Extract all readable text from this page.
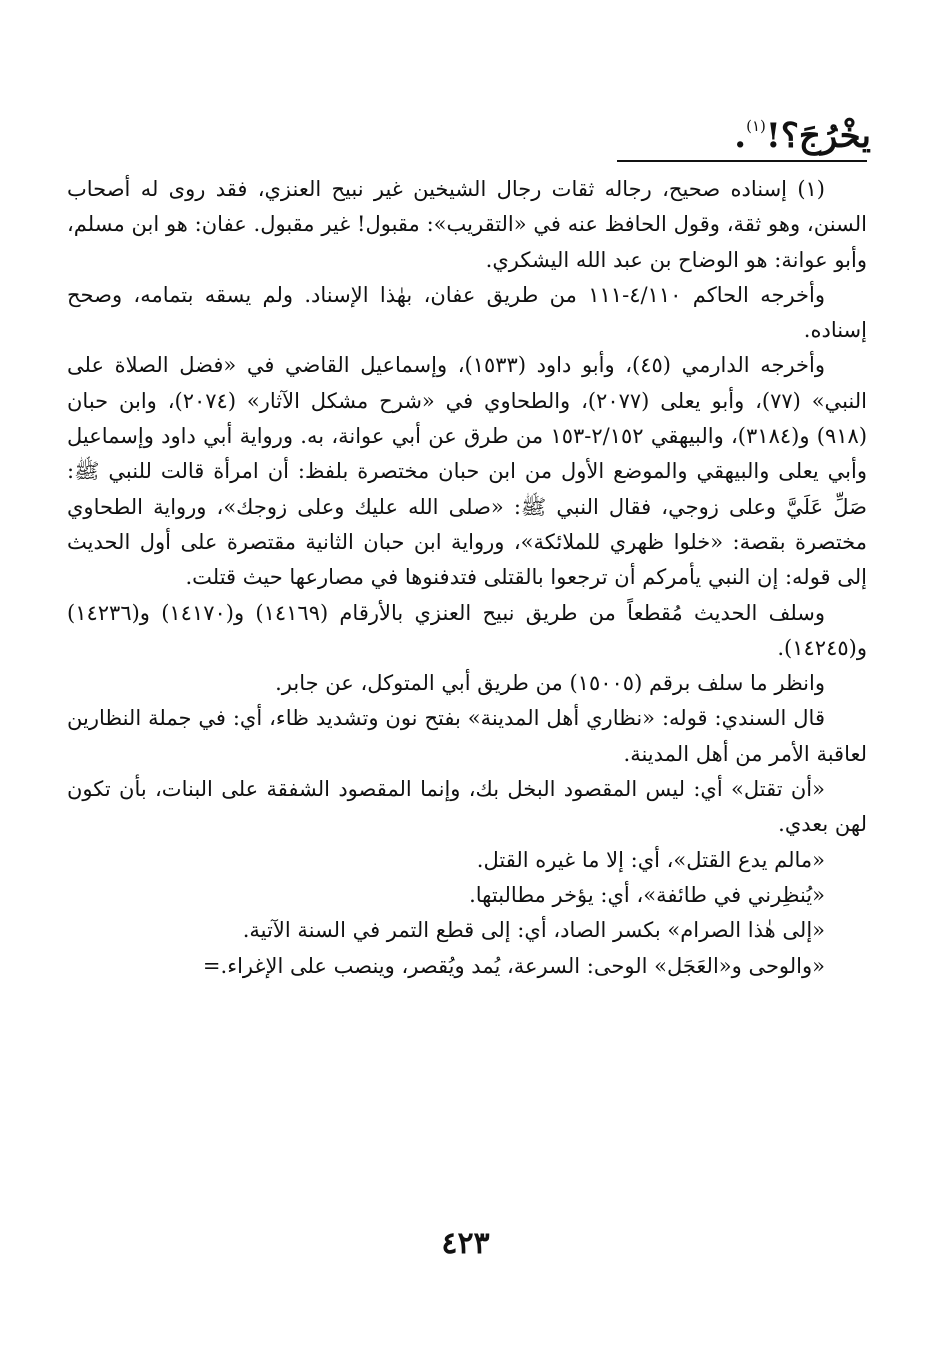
يخْرُجَ؟!$^{(١)}$.

(١) إسناده صحيح، رجاله ثقات رجال الشيخين غير نبيح العنزي، فقد روى له أصحاب السنن، وهو ثقة، وقول الحافظ عنه في «التقريب»: مقبول! غير مقبول. عفان: هو ابن مسلم، وأبو عوانة: هو الوضاح بن عبد الله اليشكري.

وأخرجه الحاكم ٤/١١٠-١١١ من طريق عفان، بهٰذا الإسناد. ولم يسقه بتمامه، وصحح إسناده.

وأخرجه الدارمي (٤٥)، وأبو داود (١٥٣٣)، وإسماعيل القاضي في «فضل الصلاة على النبي» (٧٧)، وأبو يعلى (٢٠٧٧)، والطحاوي في «شرح مشكل الآثار» (٢٠٧٤)، وابن حبان (٩١٨) و(٣١٨٤)، والبيهقي ٢/١٥٢-١٥٣ من طرق عن أبي عوانة، به. ورواية أبي داود وإسماعيل وأبي يعلى والبيهقي والموضع الأول من ابن حبان مختصرة بلفظ: أن امرأة قالت للنبي ﷺ: صَلِّ عَلَيَّ وعلى زوجي، فقال النبي ﷺ: «صلى الله عليك وعلى زوجك»، ورواية الطحاوي مختصرة بقصة: «خلوا ظهري للملائكة»، ورواية ابن حبان الثانية مقتصرة على أول الحديث إلى قوله: إن النبي يأمركم أن ترجعوا بالقتلى فتدفنوها في مصارعها حيث قتلت.

وسلف الحديث مُقطعاً من طريق نبيح العنزي بالأرقام (١٤١٦٩) و(١٤١٧٠) و(١٤٢٣٦) و(١٤٢٤٥).

وانظر ما سلف برقم (١٥٠٠٥) من طريق أبي المتوكل، عن جابر.

قال السندي: قوله: «نظاري أهل المدينة» بفتح نون وتشديد ظاء، أي: في جملة النظارين لعاقبة الأمر من أهل المدينة.

«أن تقتل» أي: ليس المقصود البخل بك، وإنما المقصود الشفقة على البنات، بأن تكون لهن بعدي.

«مالم يدع القتل»، أي: إلا ما غيره القتل.

«يُنظِرني في طائفة»، أي: يؤخر مطالبتها.

«إلى هٰذا الصرام» بكسر الصاد، أي: إلى قطع التمر في السنة الآتية.

«والوحى و«العَجَل» الوحى: السرعة، يُمد ويُقصر، وينصب على الإغراء.=

٤٢٣
